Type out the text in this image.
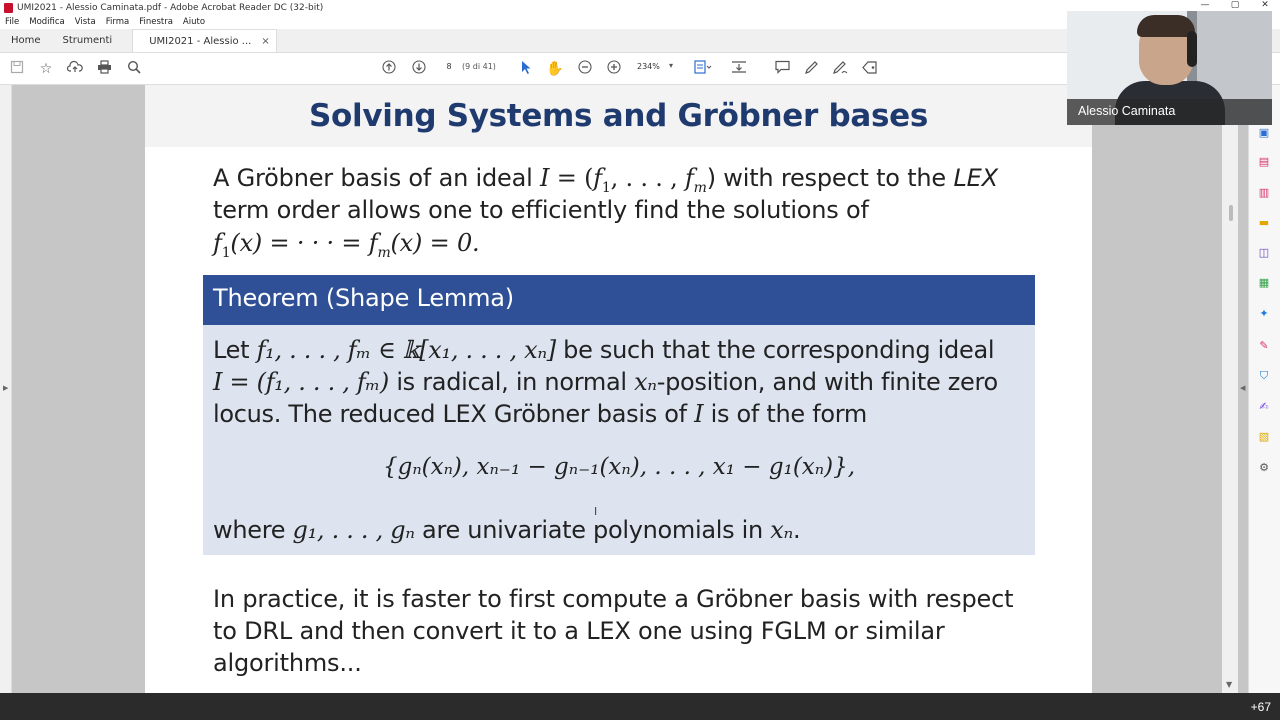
UMI2021 - Alessio Caminata.pdf - Adobe Acrobat Reader DC (32-bit)	—	▢	✕
File Modifica Vista Firma Finestra Aiuto
Home Strumenti	UMI2021 - Alessio ... ×
☆	8	(9 di 41)	✋	234% ▾
▶
Solving Systems and Gröbner bases
A Gröbner basis of an ideal $I = (f_1$, . . . , $f_m$) with respect to the LEX
term order allows one to efficiently find the solutions of
$f_1(x)$ = · · · = $f_m(x) = 0$.
Theorem (Shape Lemma)
Let f₁, . . . , fₘ ∈ 𝕜[x₁, . . . , xₙ] be such that the corresponding ideal
I = (f₁, . . . , fₘ) is radical, in normal xₙ-position, and with finite zero
locus. The reduced LEX Gröbner basis of I is of the form
{gₙ(xₙ), xₙ₋₁ − gₙ₋₁(xₙ), . . . , x₁ − g₁(xₙ)},
where g₁, . . . , gₙ are univariate polynomials in xₙ.
I
In practice, it is faster to first compute a Gröbner basis with respect
to DRL and then convert it to a LEX one using FGLM or similar
algorithms...
◀
▼
▣
▤
▥
▬
◫
▦
✦
✎
⛉
✍
▧
⚙
Alessio Caminata
+67
